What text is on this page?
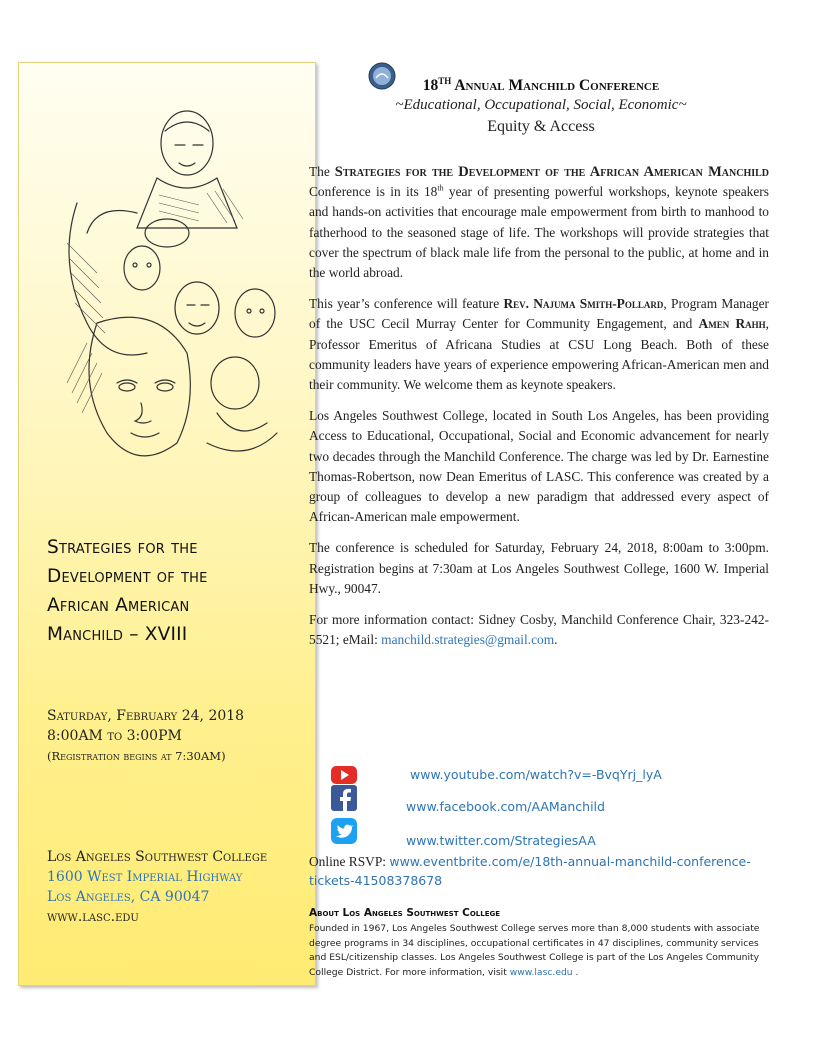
Strategies for the
Development of the
African American
Manchild – XVIII
Saturday, February 24, 2018
8:00AM to 3:00PM
(Registration begins at 7:30AM)
Los Angeles Southwest College
1600 West Imperial Highway
Los Angeles, CA 90047
www.lasc.edu
18TH Annual Manchild Conference
~Educational, Occupational, Social, Economic~
Equity & Access

The Strategies for the Development of the African American Manchild Conference is in its 18th year of presenting powerful workshops, keynote speakers and hands-on activities that encourage male empowerment from birth to manhood to fatherhood to the seasoned stage of life. The workshops will provide strategies that cover the spectrum of black male life from the personal to the public, at home and in the world abroad.

This year’s conference will feature Rev. Najuma Smith-Pollard, Program Manager of the USC Cecil Murray Center for Community Engagement, and Amen Rahh, Professor Emeritus of Africana Studies at CSU Long Beach. Both of these community leaders have years of experience empowering African-American men and their community. We welcome them as keynote speakers.

Los Angeles Southwest College, located in South Los Angeles, has been providing Access to Educational, Occupational, Social and Economic advancement for nearly two decades through the Manchild Conference. The charge was led by Dr. Earnestine Thomas-Robertson, now Dean Emeritus of LASC. This conference was created by a group of colleagues to develop a new paradigm that addressed every aspect of African-American male empowerment.

The conference is scheduled for Saturday, February 24, 2018, 8:00am to 3:00pm. Registration begins at 7:30am at Los Angeles Southwest College, 1600 W. Imperial Hwy., 90047.

For more information contact: Sidney Cosby, Manchild Conference Chair, 323-242-5521; eMail: manchild.strategies@gmail.com.

www.youtube.com/watch?v=-BvqYrj_lyA
www.facebook.com/AAManchild
www.twitter.com/StrategiesAA
Online RSVP: www.eventbrite.com/e/18th-annual-manchild-conference-tickets-41508378678
About Los Angeles Southwest College

Founded in 1967, Los Angeles Southwest College serves more than 8,000 students with associate degree programs in 34 disciplines, occupational certificates in 47 disciplines, community services and ESL/citizenship classes. Los Angeles Southwest College is part of the Los Angeles Community College District. For more information, visit www.lasc.edu .
